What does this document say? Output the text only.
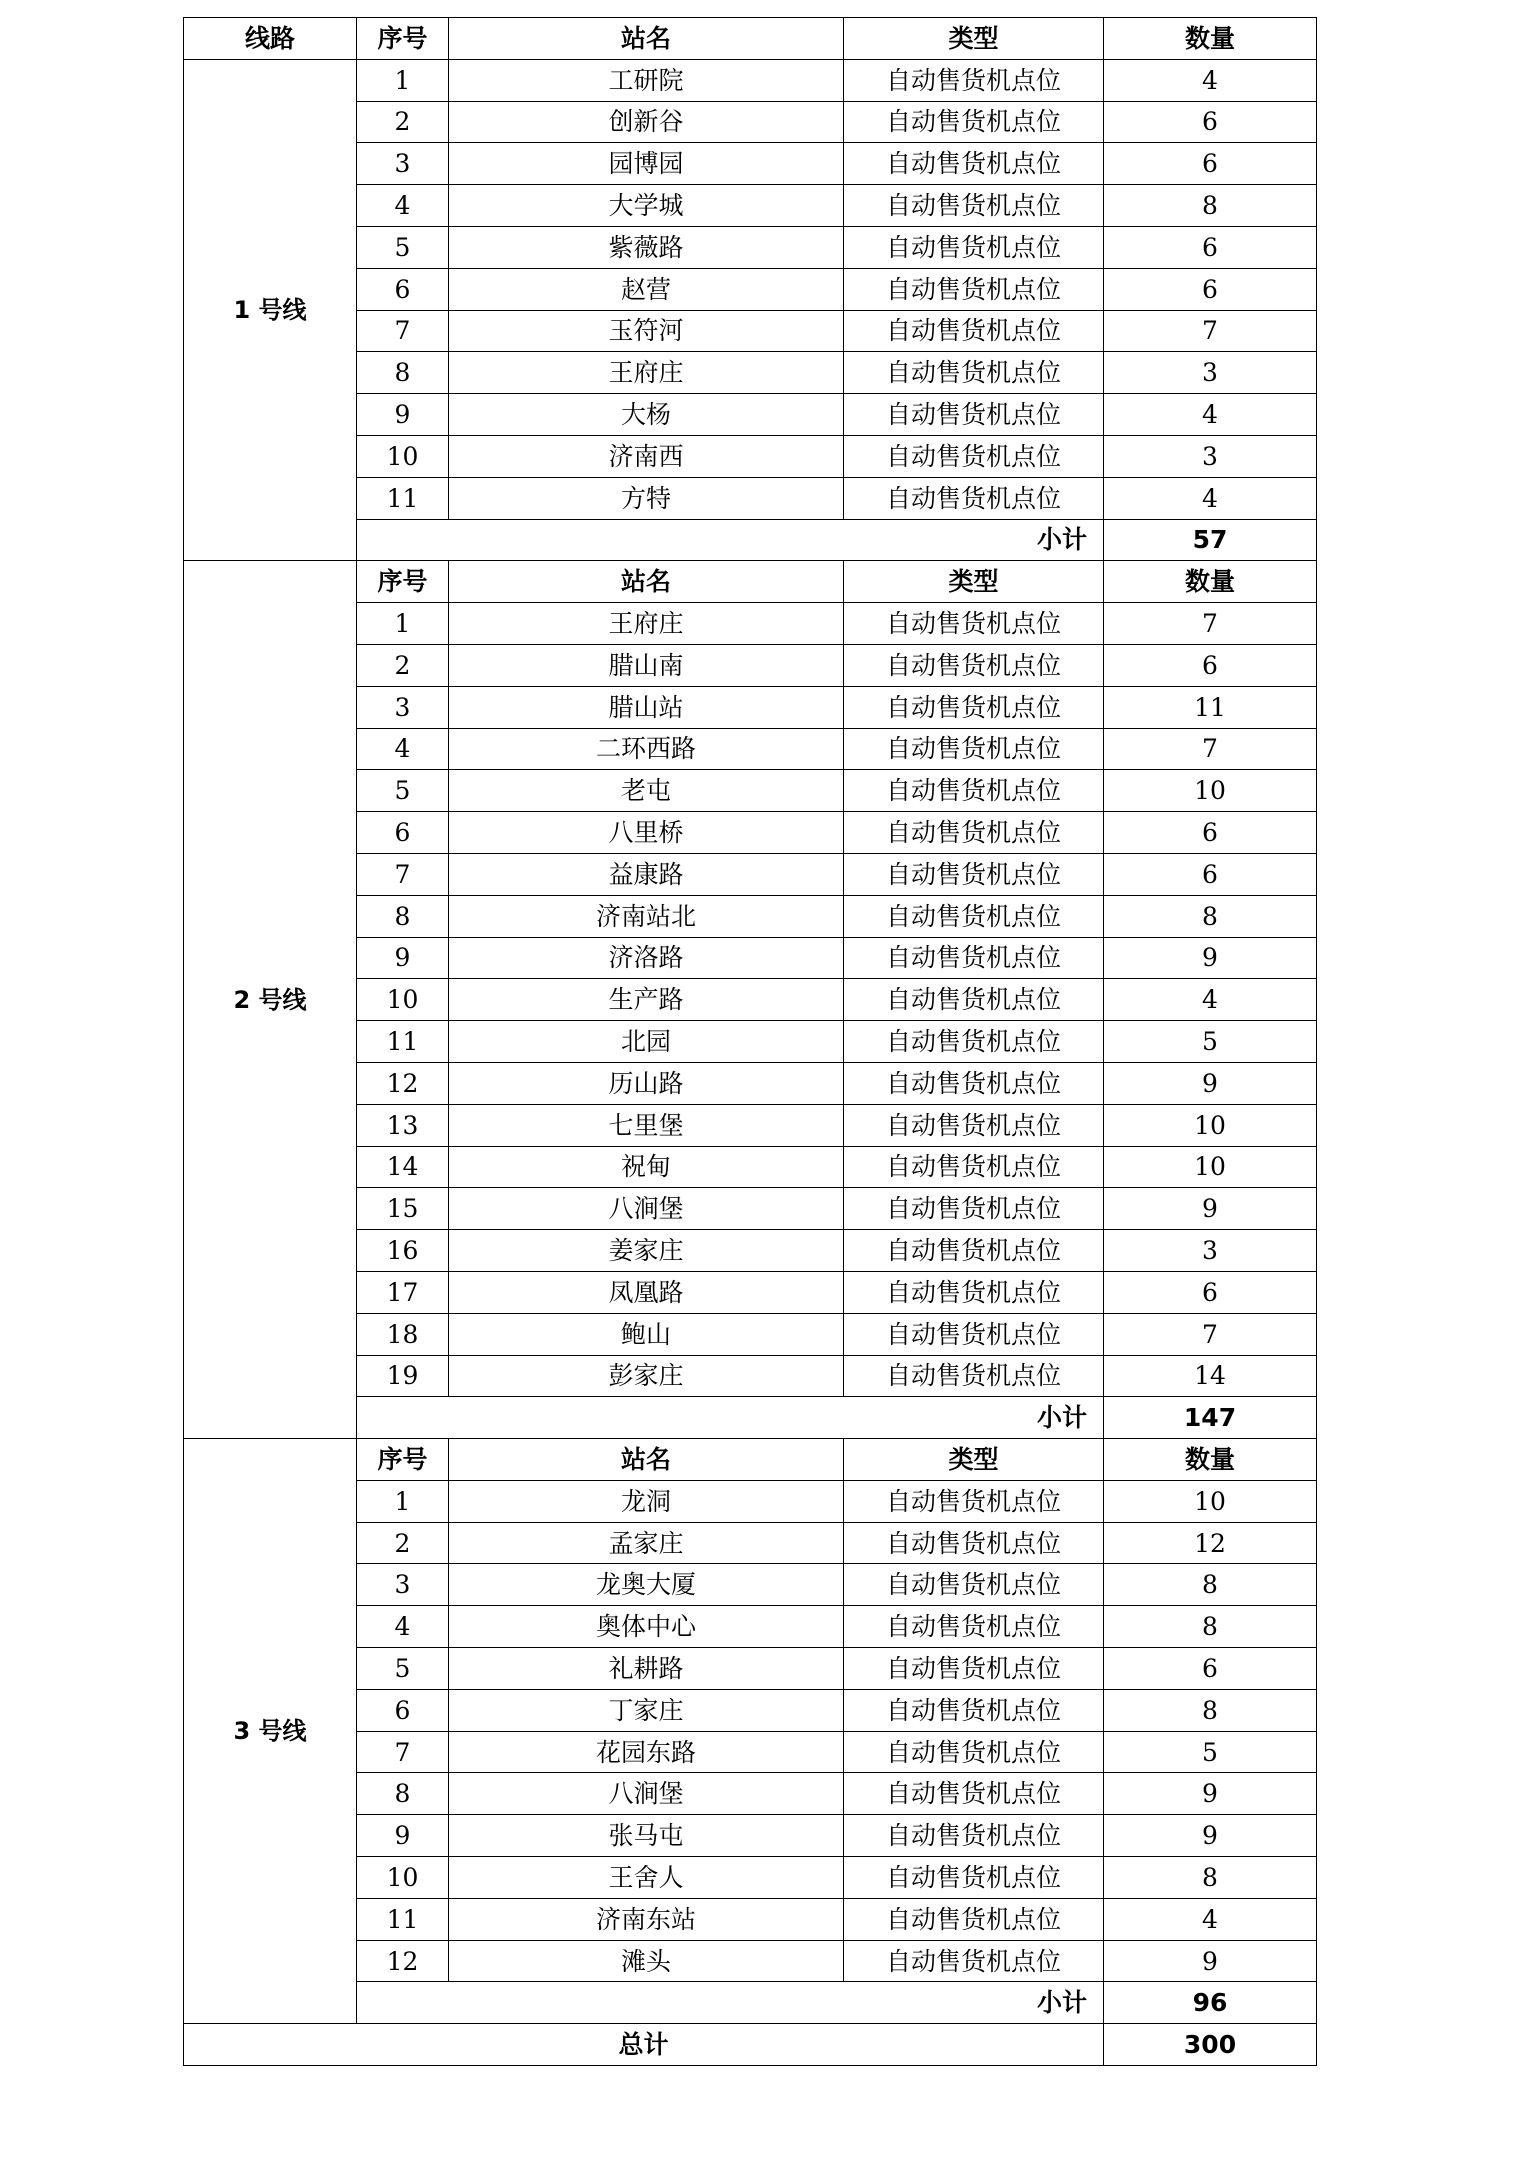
线路	序号	站名	类型	数量
1 号线	1	工研院	自动售货机点位	4
	2	创新谷	自动售货机点位	6
	3	园博园	自动售货机点位	6
	4	大学城	自动售货机点位	8
	5	紫薇路	自动售货机点位	6
	6	赵营	自动售货机点位	6
	7	玉符河	自动售货机点位	7
	8	王府庄	自动售货机点位	3
	9	大杨	自动售货机点位	4
	10	济南西	自动售货机点位	3
	11	方特	自动售货机点位	4
	小计			57
2 号线	序号	站名	类型	数量
	1	王府庄	自动售货机点位	7
	2	腊山南	自动售货机点位	6
	3	腊山站	自动售货机点位	11
	4	二环西路	自动售货机点位	7
	5	老屯	自动售货机点位	10
	6	八里桥	自动售货机点位	6
	7	益康路	自动售货机点位	6
	8	济南站北	自动售货机点位	8
	9	济洛路	自动售货机点位	9
	10	生产路	自动售货机点位	4
	11	北园	自动售货机点位	5
	12	历山路	自动售货机点位	9
	13	七里堡	自动售货机点位	10
	14	祝甸	自动售货机点位	10
	15	八涧堡	自动售货机点位	9
	16	姜家庄	自动售货机点位	3
	17	凤凰路	自动售货机点位	6
	18	鲍山	自动售货机点位	7
	19	彭家庄	自动售货机点位	14
	小计			147
3 号线	序号	站名	类型	数量
	1	龙洞	自动售货机点位	10
	2	孟家庄	自动售货机点位	12
	3	龙奥大厦	自动售货机点位	8
	4	奥体中心	自动售货机点位	8
	5	礼耕路	自动售货机点位	6
	6	丁家庄	自动售货机点位	8
	7	花园东路	自动售货机点位	5
	8	八涧堡	自动售货机点位	9
	9	张马屯	自动售货机点位	9
	10	王舍人	自动售货机点位	8
	11	济南东站	自动售货机点位	4
	12	滩头	自动售货机点位	9
	小计			96
总计				300
